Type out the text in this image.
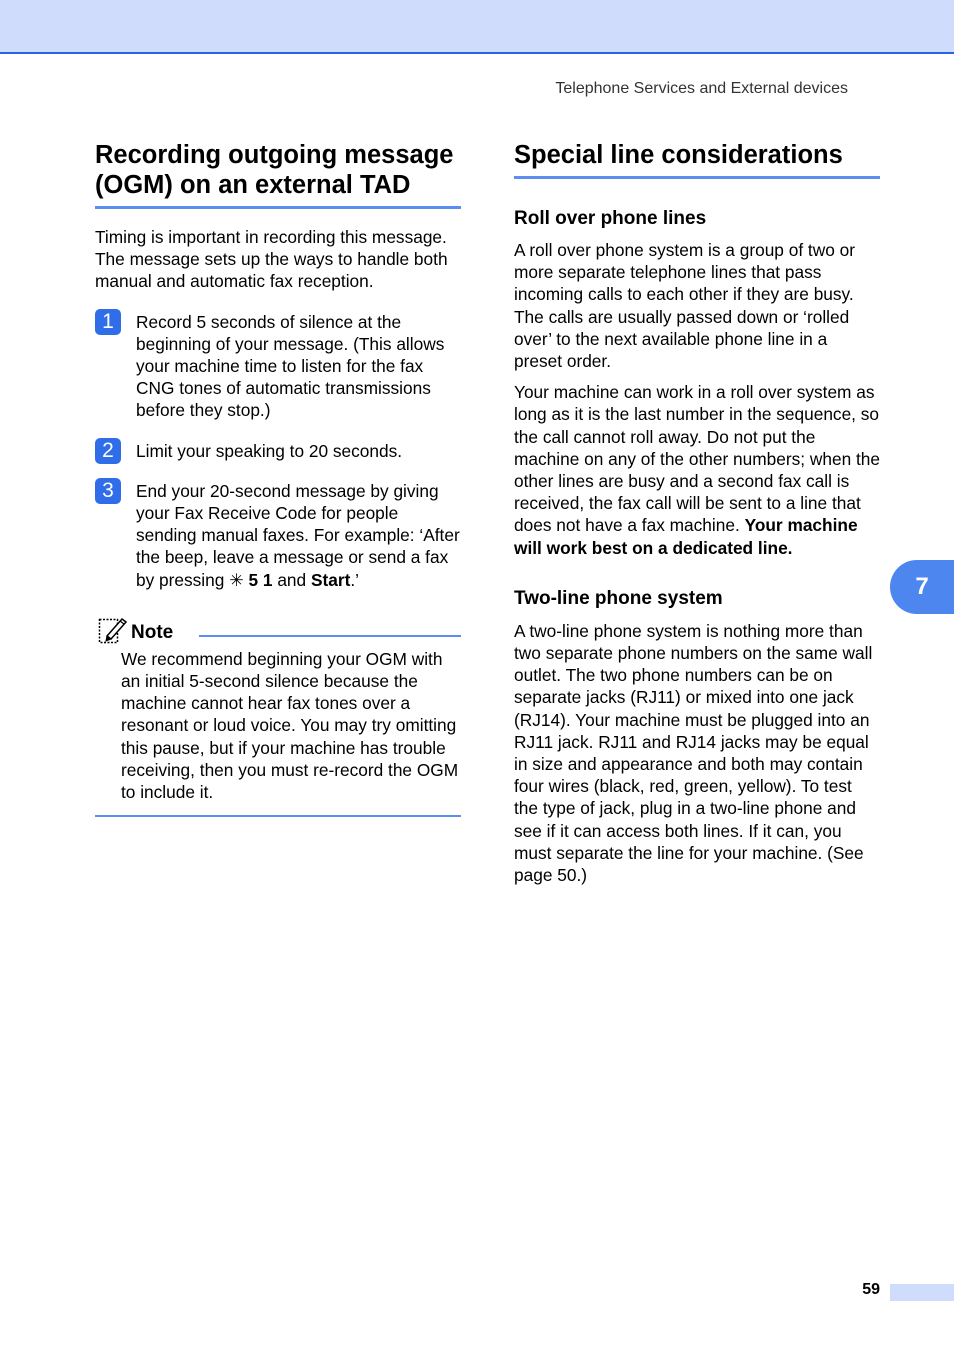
Telephone Services and External devices
Recording outgoing message (OGM) on an external TAD

Timing is important in recording this message. The message sets up the ways to handle both manual and automatic fax reception.

1	Record 5 seconds of silence at the beginning of your message. (This allows your machine time to listen for the fax CNG tones of automatic transmissions before they stop.)

2	Limit your speaking to 20 seconds.

3	End your 20-second message by giving your Fax Receive Code for people sending manual faxes. For example: ‘After the beep, leave a message or send a fax by pressing ✳ 5 1 and Start.’

Note

We recommend beginning your OGM with an initial 5-second silence because the machine cannot hear fax tones over a resonant or loud voice. You may try omitting this pause, but if your machine has trouble receiving, then you must re-record the OGM to include it.

Special line considerations
Roll over phone lines

A roll over phone system is a group of two or more separate telephone lines that pass incoming calls to each other if they are busy. The calls are usually passed down or ‘rolled over’ to the next available phone line in a preset order.

Your machine can work in a roll over system as long as it is the last number in the sequence, so the call cannot roll away. Do not put the machine on any of the other numbers; when the other lines are busy and a second fax call is received, the fax call will be sent to a line that does not have a fax machine. Your machine will work best on a dedicated line.

Two-line phone system

A two-line phone system is nothing more than two separate phone numbers on the same wall outlet. The two phone numbers can be on separate jacks (RJ11) or mixed into one jack (RJ14). Your machine must be plugged into an RJ11 jack. RJ11 and RJ14 jacks may be equal in size and appearance and both may contain four wires (black, red, green, yellow). To test the type of jack, plug in a two-line phone and see if it can access both lines. If it can, you must separate the line for your machine. (See page 50.)

7
59
